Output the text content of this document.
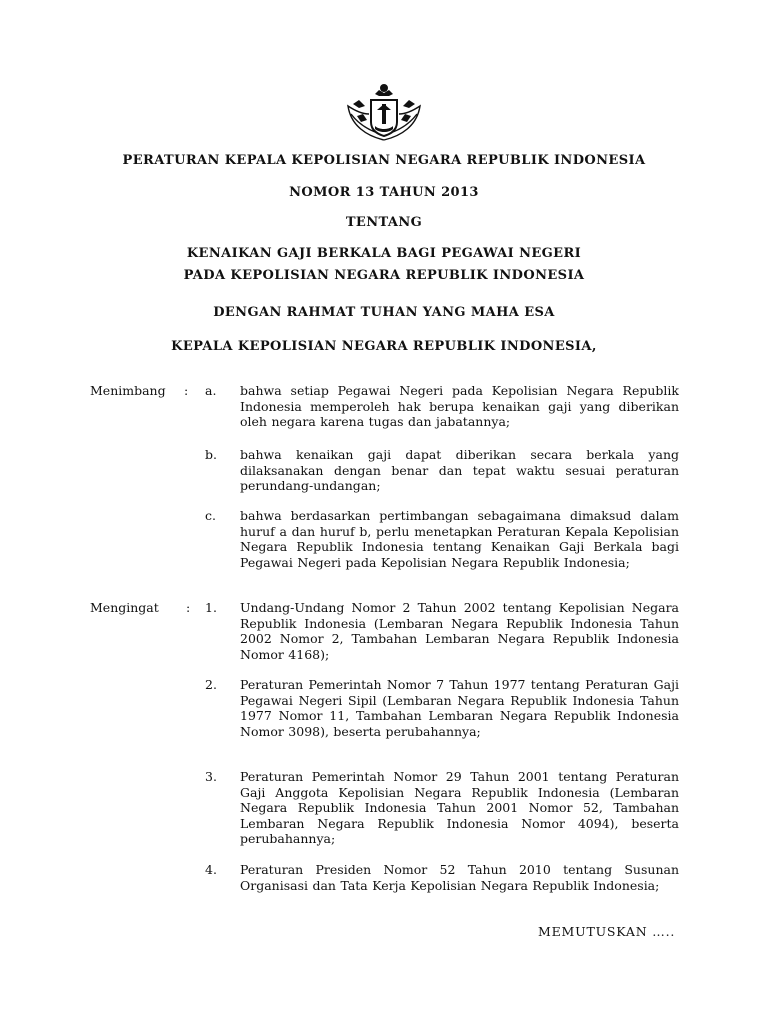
PERATURAN KEPALA KEPOLISIAN NEGARA REPUBLIK INDONESIA
NOMOR 13 TAHUN 2013
TENTANG
KENAIKAN GAJI BERKALA BAGI PEGAWAI NEGERI
PADA KEPOLISIAN NEGARA REPUBLIK INDONESIA
DENGAN RAHMAT TUHAN YANG MAHA ESA
KEPALA KEPOLISIAN NEGARA REPUBLIK INDONESIA,
Menimbang : a. bahwa setiap Pegawai Negeri pada Kepolisian Negara Republik Indonesia memperoleh hak berupa kenaikan gaji yang diberikan oleh negara karena tugas dan jabatannya;
b. bahwa kenaikan gaji dapat diberikan secara berkala yang dilaksanakan dengan benar dan tepat waktu sesuai peraturan perundang-undangan;
c. bahwa berdasarkan pertimbangan sebagaimana dimaksud dalam huruf a dan huruf b, perlu menetapkan Peraturan Kepala Kepolisian Negara Republik Indonesia tentang Kenaikan Gaji Berkala bagi Pegawai Negeri pada Kepolisian Negara Republik Indonesia;
Mengingat : 1. Undang-Undang Nomor 2 Tahun 2002 tentang Kepolisian Negara Republik Indonesia (Lembaran Negara Republik Indonesia Tahun 2002 Nomor 2, Tambahan Lembaran Negara Republik Indonesia Nomor 4168);
2. Peraturan Pemerintah Nomor 7 Tahun 1977 tentang Peraturan Gaji Pegawai Negeri Sipil (Lembaran Negara Republik Indonesia Tahun 1977 Nomor 11, Tambahan Lembaran Negara Republik Indonesia Nomor 3098), beserta perubahannya;
3. Peraturan Pemerintah Nomor 29 Tahun 2001 tentang Peraturan Gaji Anggota Kepolisian Negara Republik Indonesia (Lembaran Negara Republik Indonesia Tahun 2001 Nomor 52, Tambahan Lembaran Negara Republik Indonesia Nomor 4094), beserta perubahannya;
4. Peraturan Presiden Nomor 52 Tahun 2010 tentang Susunan Organisasi dan Tata Kerja Kepolisian Negara Republik Indonesia;
MEMUTUSKAN …..
